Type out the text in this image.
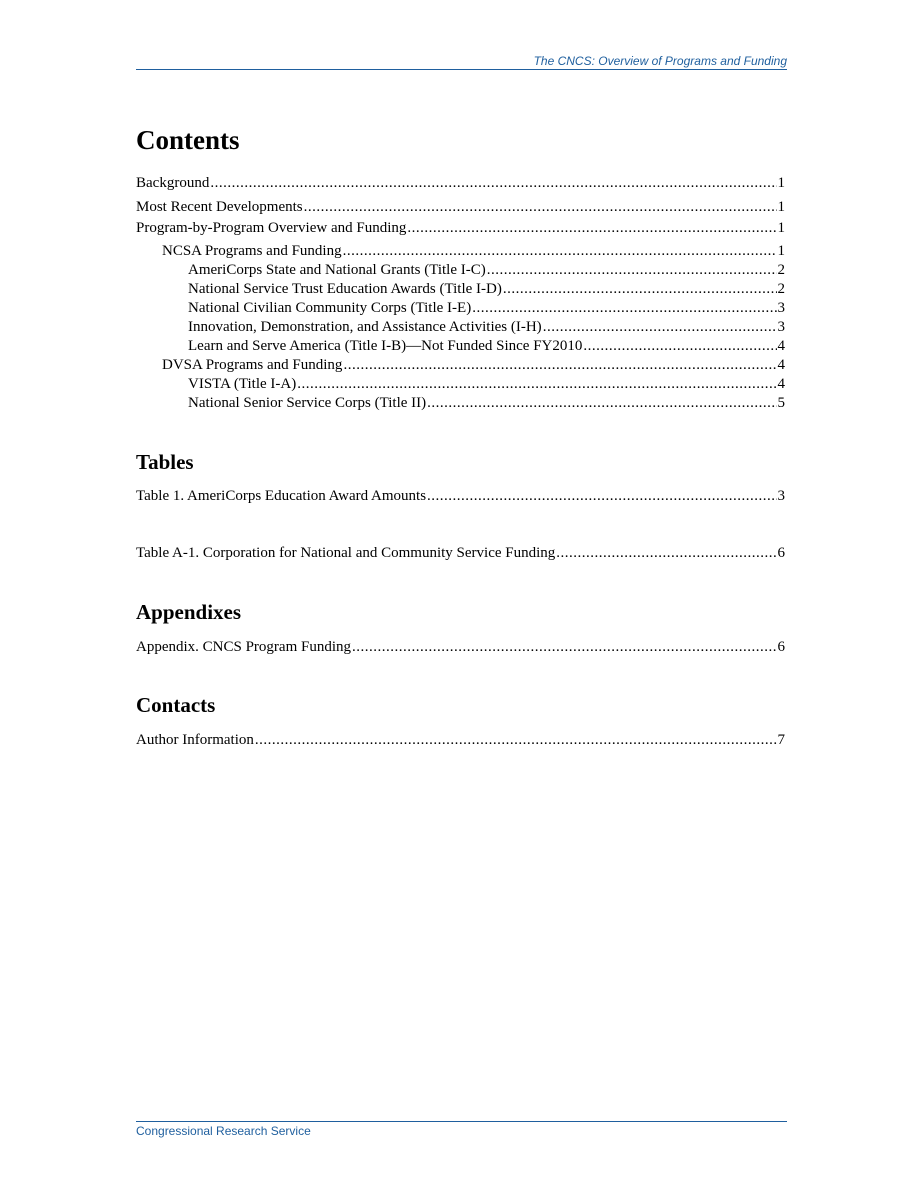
The CNCS: Overview of Programs and Funding
Contents
Background .....	1
Most Recent Developments .....	1
Program-by-Program Overview and Funding .....	1
NCSA Programs and Funding .....	1
AmeriCorps State and National Grants (Title I-C) .....	2
National Service Trust Education Awards (Title I-D) .....	2
National Civilian Community Corps (Title I-E) .....	3
Innovation, Demonstration, and Assistance Activities (I-H) .....	3
Learn and Serve America (Title I-B)—Not Funded Since FY2010 .....	4
DVSA Programs and Funding .....	4
VISTA (Title I-A) .....	4
National Senior Service Corps (Title II) .....	5
Tables
Table 1. AmeriCorps Education Award Amounts .....	3
Table A-1. Corporation for National and Community Service Funding .....	6
Appendixes
Appendix. CNCS Program Funding .....	6
Contacts
Author Information .....	7
Congressional Research Service
